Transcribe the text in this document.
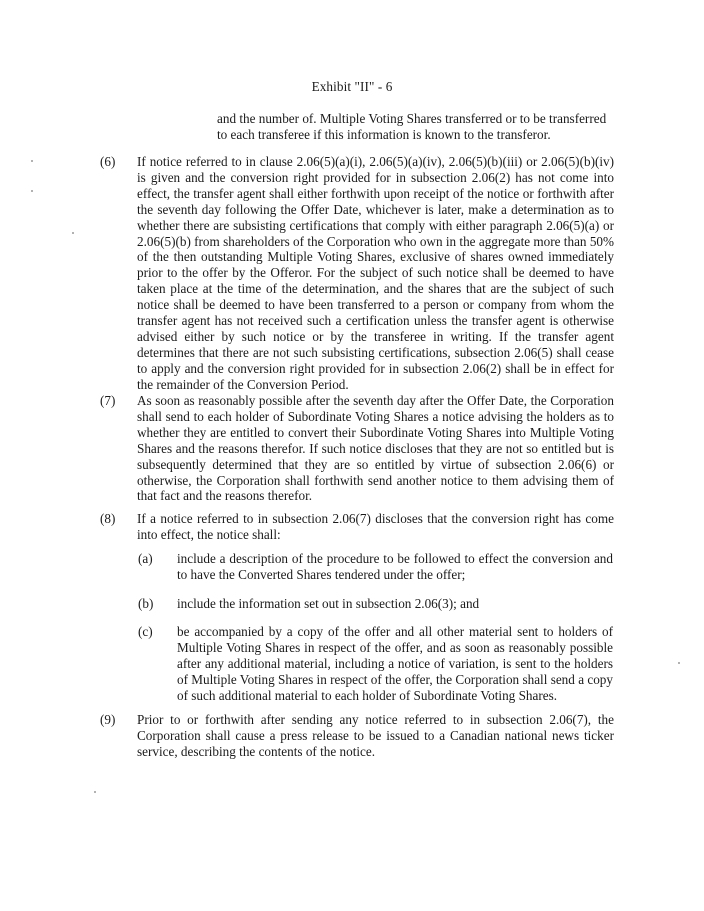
Exhibit "II" - 6
and the number of. Multiple Voting Shares transferred or to be transferred to each transferee if this information is known to the transferor.
(6) If notice referred to in clause 2.06(5)(a)(i), 2.06(5)(a)(iv), 2.06(5)(b)(iii) or 2.06(5)(b)(iv) is given and the conversion right provided for in subsection 2.06(2) has not come into effect, the transfer agent shall either forthwith upon receipt of the notice or forthwith after the seventh day following the Offer Date, whichever is later, make a determination as to whether there are subsisting certifications that comply with either paragraph 2.06(5)(a) or 2.06(5)(b) from shareholders of the Corporation who own in the aggregate more than 50% of the then outstanding Multiple Voting Shares, exclusive of shares owned immediately prior to the offer by the Offeror. For the subject of such notice shall be deemed to have taken place at the time of the determination, and the shares that are the subject of such notice shall be deemed to have been transferred to a person or company from whom the transfer agent has not received such a certification unless the transfer agent is otherwise advised either by such notice or by the transferee in writing. If the transfer agent determines that there are not such subsisting certifications, subsection 2.06(5) shall cease to apply and the conversion right provided for in subsection 2.06(2) shall be in effect for the remainder of the Conversion Period.
(7) As soon as reasonably possible after the seventh day after the Offer Date, the Corporation shall send to each holder of Subordinate Voting Shares a notice advising the holders as to whether they are entitled to convert their Subordinate Voting Shares into Multiple Voting Shares and the reasons therefor. If such notice discloses that they are not so entitled but is subsequently determined that they are so entitled by virtue of subsection 2.06(6) or otherwise, the Corporation shall forthwith send another notice to them advising them of that fact and the reasons therefor.
(8) If a notice referred to in subsection 2.06(7) discloses that the conversion right has come into effect, the notice shall:
(a) include a description of the procedure to be followed to effect the conversion and to have the Converted Shares tendered under the offer;
(b) include the information set out in subsection 2.06(3); and
(c) be accompanied by a copy of the offer and all other material sent to holders of Multiple Voting Shares in respect of the offer, and as soon as reasonably possible after any additional material, including a notice of variation, is sent to the holders of Multiple Voting Shares in respect of the offer, the Corporation shall send a copy of such additional material to each holder of Subordinate Voting Shares.
(9) Prior to or forthwith after sending any notice referred to in subsection 2.06(7), the Corporation shall cause a press release to be issued to a Canadian national news ticker service, describing the contents of the notice.
